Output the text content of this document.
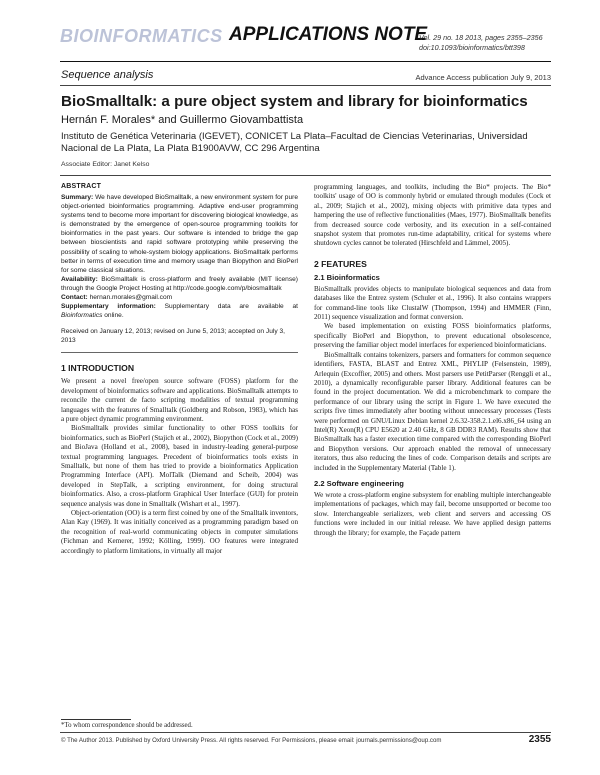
BIOINFORMATICS APPLICATIONS NOTE
Vol. 29 no. 18 2013, pages 2355–2356
doi:10.1093/bioinformatics/btt398
Sequence analysis	Advance Access publication July 9, 2013
BioSmalltalk: a pure object system and library for bioinformatics
Hernán F. Morales* and Guillermo Giovambattista
Instituto de Genética Veterinaria (IGEVET), CONICET La Plata–Facultad de Ciencias Veterinarias, Universidad Nacional de La Plata, La Plata B1900AVW, CC 296 Argentina
Associate Editor: Janet Kelso
ABSTRACT

Summary: We have developed BioSmalltalk, a new environment system for pure object-oriented bioinformatics programming. Adaptive end-user programming systems tend to become more important for discovering biological knowledge, as is demonstrated by the emergence of open-source programming toolkits for bioinformatics in the past years. Our software is intended to bridge the gap between bioscientists and rapid software prototyping while preserving the possibility of scaling to whole-system biology applications. BioSmalltalk performs better in terms of execution time and memory usage than Biopython and BioPerl for some classical situations.

Availability: BioSmalltalk is cross-platform and freely available (MIT license) through the Google Project Hosting at http://code.google.com/p/biosmalltalk

Contact: hernan.morales@gmail.com

Supplementary information: Supplementary data are available at Bioinformatics online.

Received on January 12, 2013; revised on June 5, 2013; accepted on July 3, 2013
1 INTRODUCTION

We present a novel free/open source software (FOSS) platform for the development of bioinformatics software and applications. BioSmalltalk attempts to reconcile the current de facto scripting modalities of textual programming languages with the features of Smalltalk (Goldberg and Robson, 1983), which has a pure object dynamic programming environment.

BioSmalltalk provides similar functionality to other FOSS toolkits for bioinformatics, such as BioPerl (Stajich et al., 2002), Biopython (Cock et al., 2009) and BioJava (Holland et al., 2008), based in industry-leading general-purpose textual programming languages. Precedent of bioinformatics tools exists in Smalltalk, but none of them has tried to provide a bioinformatics Application Programming Interface (API). MolTalk (Diemand and Scheib, 2004) was developed in StepTalk, a scripting environment, for doing structural bioinformatics. Also, a cross-platform Graphical User Interface (GUI) for protein sequence analysis was done in Smalltalk (Wishart et al., 1997).

Object-orientation (OO) is a term first coined by one of the Smalltalk inventors, Alan Kay (1969). It was initially conceived as a programming paradigm based on the recognition of real-world communicating objects in computer simulations (Fichman and Kemerer, 1992; Kölling, 1999). OO features were integrated accordingly to platform limitations, in virtually all major

programming languages, and toolkits, including the Bio* projects. The Bio* toolkits' usage of OO is commonly hybrid or emulated through modules (Cock et al., 2009; Stajich et al., 2002), mixing objects with primitive data types and hampering the use of reflective functionalities (Maes, 1977). BioSmalltalk benefits from decreased source code verbosity, and its execution in a self-contained snapshot system that promotes run-time adaptability, critical for systems where shutdown cycles cannot be tolerated (Hirschfeld and Lämmel, 2005).

2 FEATURES
2.1 Bioinformatics

BioSmalltalk provides objects to manipulate biological sequences and data from databases like the Entrez system (Schuler et al., 1996). It also contains wrappers for command-line tools like ClustalW (Thompson, 1994) and HMMER (Finn, 2011) sequence visualization and format conversion.

We based implementation on existing FOSS bioinformatics platforms, specifically BioPerl and Biopython, to prevent educational obsolescence, preserving the familiar object model interfaces for experienced bioinformaticians.

BioSmalltalk contains tokenizers, parsers and formatters for common sequence identifiers, FASTA, BLAST and Entrez XML, PHYLIP (Felsenstein, 1989), Arlequin (Excoffier, 2005) and others. Most parsers use PetitParser (Renggli et al., 2010), a dynamically reconfigurable parser library. Additional features can be found in the project documentation. We did a microbenchmark to compare the performance of our library using the script in Figure 1. We have executed the scripts five times immediately after booting without unnecessary processes (Tests were performed on GNU/Linux Debian kernel 2.6.32-358.2.1.el6.x86_64 using an Intel(R) Xeon(R) CPU E5620 at 2.40 GHz, 8 GB DDR3 RAM). Results show that BioSmalltalk has a faster execution time compared with the corresponding BioPerl and Biopython versions. Our approach enabled the removal of unnecessary iterators, thus also reducing the lines of code. Comparison details and scripts are included in the Supplementary Material (Table 1).

2.2 Software engineering

We wrote a cross-platform engine subsystem for enabling multiple interchangeable implementations of packages, which may fail, become unsupported or become too slow. Interchangeable serializers, web client and servers and accessing OS functions were included in our initial release. We have applied design patterns through the library; for example, the Façade pattern

*To whom correspondence should be addressed.
© The Author 2013. Published by Oxford University Press. All rights reserved. For Permissions, please email: journals.permissions@oup.com	2355
